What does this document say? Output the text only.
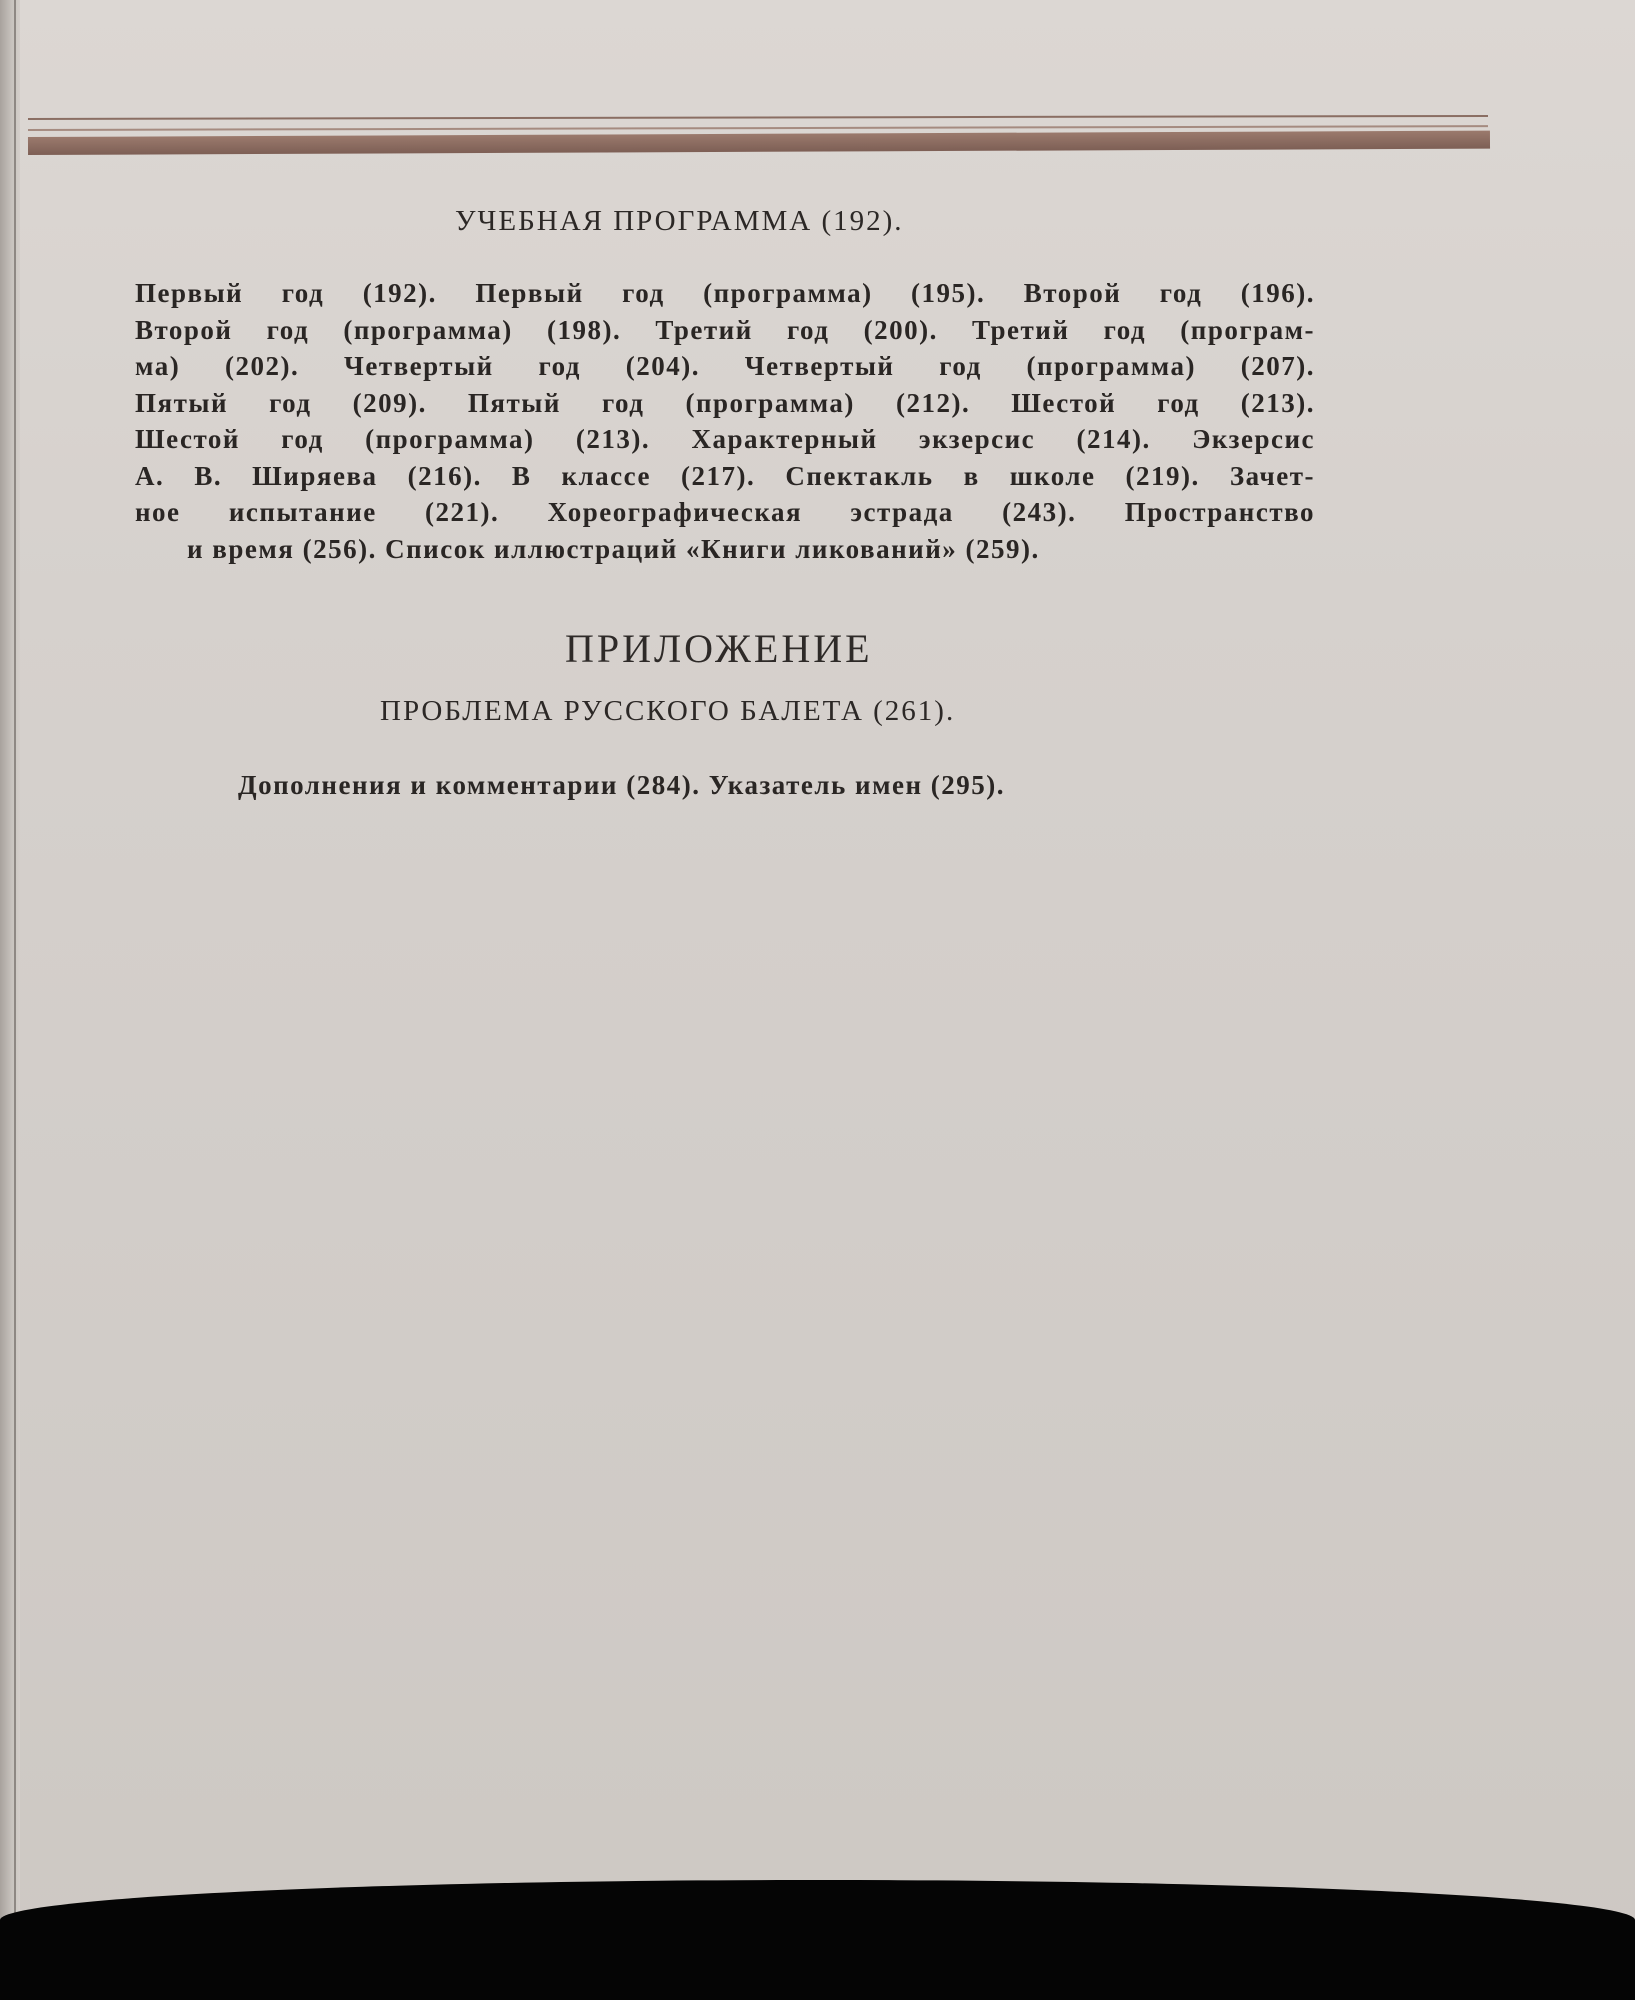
УЧЕБНАЯ ПРОГРАММА (192).
Первый год (192). Первый год (программа) (195). Второй год (196).
Второй год (программа) (198). Третий год (200). Третий год (програм-
ма) (202). Четвертый год (204). Четвертый год (программа) (207).
Пятый год (209). Пятый год (программа) (212). Шестой год (213).
Шестой год (программа) (213). Характерный экзерсис (214). Экзерсис
А. В. Ширяева (216). В классе (217). Спектакль в школе (219). Зачет-
ное испытание (221). Хореографическая эстрада (243). Пространство
и время (256). Список иллюстраций «Книги ликований» (259).
ПРИЛОЖЕНИЕ
ПРОБЛЕМА РУССКОГО БАЛЕТА (261).
Дополнения и комментарии (284). Указатель имен (295).
